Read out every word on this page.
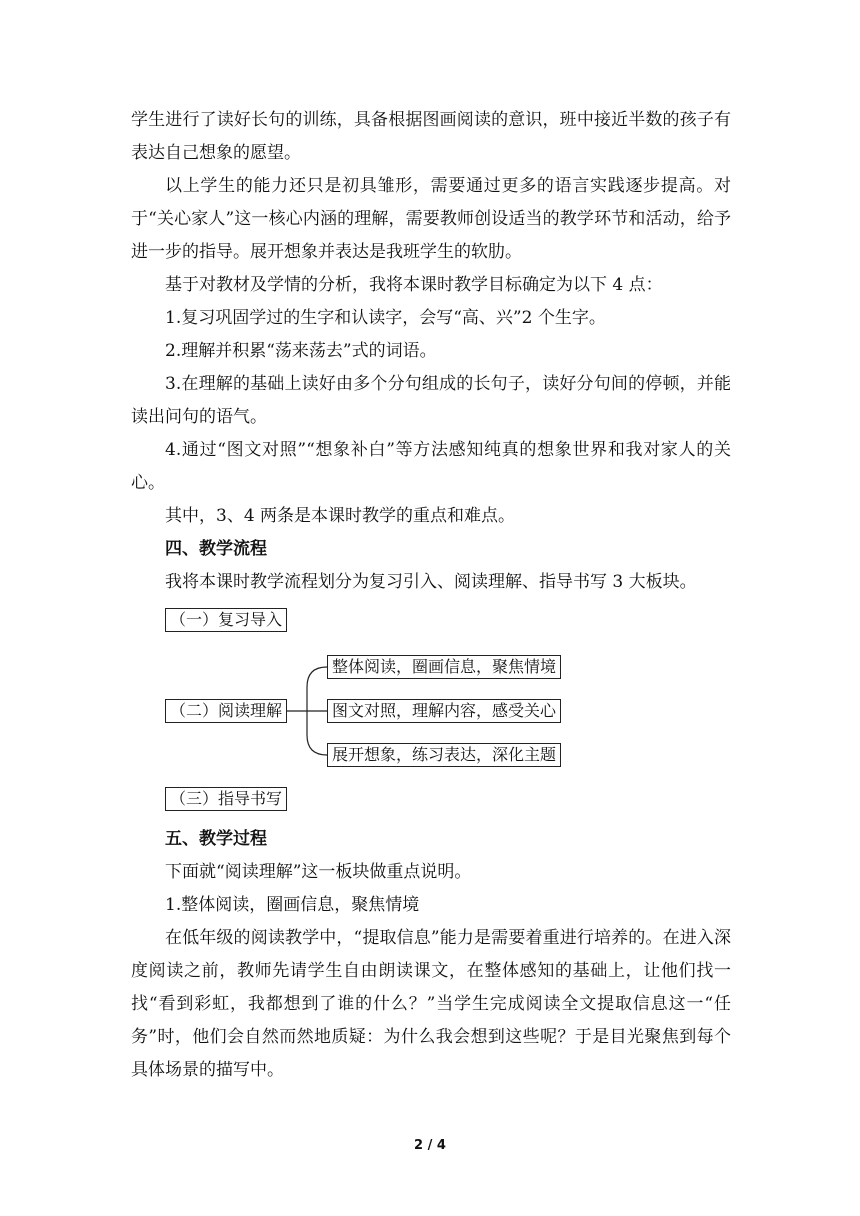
学生进行了读好长句的训练，具备根据图画阅读的意识，班中接近半数的孩子有表达自己想象的愿望。

以上学生的能力还只是初具雏形，需要通过更多的语言实践逐步提高。对于“关心家人”这一核心内涵的理解，需要教师创设适当的教学环节和活动，给予进一步的指导。展开想象并表达是我班学生的软肋。

基于对教材及学情的分析，我将本课时教学目标确定为以下 4 点：

1.复习巩固学过的生字和认读字，会写“高、兴”2 个生字。

2.理解并积累“荡来荡去”式的词语。

3.在理解的基础上读好由多个分句组成的长句子，读好分句间的停顿，并能读出问句的语气。

4.通过“图文对照”“想象补白”等方法感知纯真的想象世界和我对家人的关心。

其中，3、4 两条是本课时教学的重点和难点。

四、教学流程

我将本课时教学流程划分为复习引入、阅读理解、指导书写 3 大板块。

（一）复习导入
（二）阅读理解
（三）指导书写
整体阅读，圈画信息，聚焦情境
图文对照，理解内容，感受关心
展开想象，练习表达，深化主题

五、教学过程

下面就“阅读理解”这一板块做重点说明。

1.整体阅读，圈画信息，聚焦情境

在低年级的阅读教学中，“提取信息”能力是需要着重进行培养的。在进入深度阅读之前，教师先请学生自由朗读课文，在整体感知的基础上，让他们找一找“看到彩虹，我都想到了谁的什么？”当学生完成阅读全文提取信息这一“任务”时，他们会自然而然地质疑：为什么我会想到这些呢？于是目光聚焦到每个具体场景的描写中。

2 / 4
